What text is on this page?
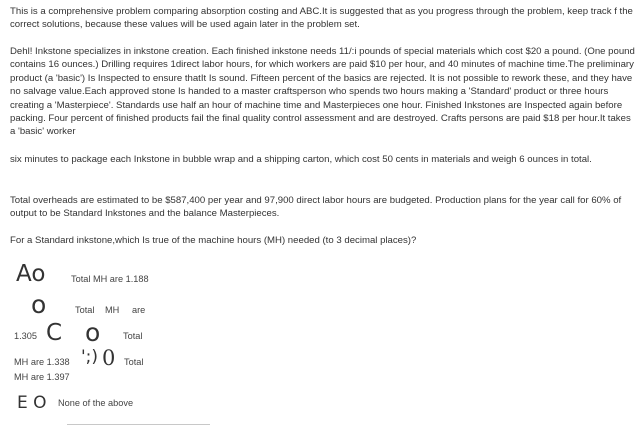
This is a comprehensive problem comparing absorption costing and ABC.It is suggested that as you progress through the problem, keep track f the correct solutions, because these values will be used again later in the problem set.

Dehl! Inkstone specializes in inkstone creation. Each finished inkstone needs 11/:i pounds of special materials which cost $20 a pound. (One pound contains 16 ounces.) Drilling requires 1direct labor hours, for which workers are paid $10 per hour, and 40 minutes of machine time.The preliminary product (a 'basic') Is Inspected to ensure thatIt Is sound. Fifteen percent of the basics are rejected. It is not possible to rework these, and they have no salvage value.Each approved stone Is handed to a master craftsperson who spends two hours making a 'Standard' product or three hours creating a 'Masterpiece'. Standards use half an hour of machine time and Masterpieces one hour. Finished Inkstones are Inspected again before packing. Four percent of finished products fail the final quality control assessment and are destroyed. Crafts persons are paid $18 per hour.It takes a 'basic' worker

six minutes to package each Inkstone in bubble wrap and a shipping carton, which cost 50 cents in materials and weigh 6 ounces in total.

Total overheads are estimated to be $587,400 per year and 97,900 direct labor hours are budgeted. Production plans for the year call for 60% of output to be Standard Inkstones and the balance Masterpieces.

For a Standard inkstone,which Is true of the machine hours (MH) needed (to 3 decimal places)?

Ao	Total MH are 1.188
o	Total MH are
1.305 C o Total
MH are 1.338 ';) 0 Total
MH are 1.397
E O None of the above
